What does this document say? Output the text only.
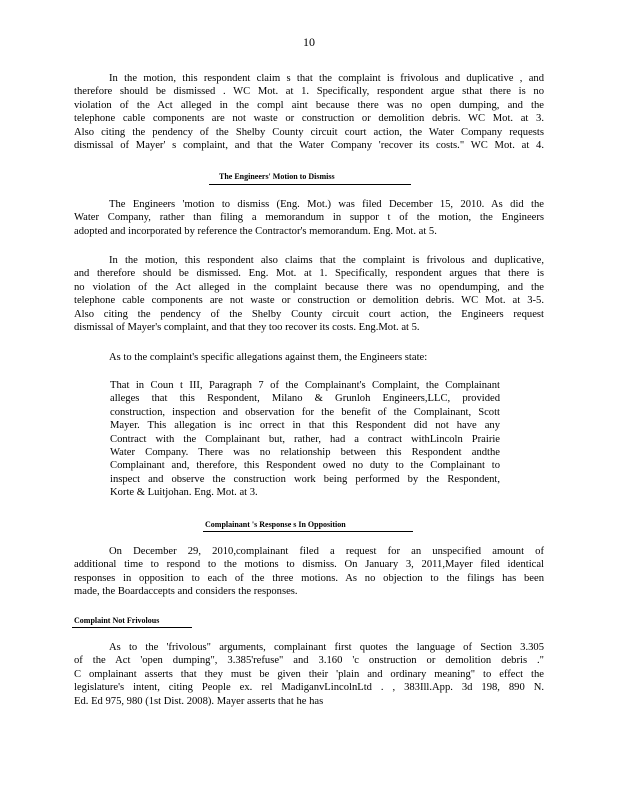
10
In the motion, this respondent claim s that the complaint is frivolous and duplicative , and
therefore should be dismissed . WC Mot. at 1. Specifically, respondent argue sthat there is no
violation of the Act alleged in the compl aint because there was no open dumping, and the
telephone cable components are not waste or construction or demolition debris. WC Mot. at 3.
Also citing the pendency of the Shelby County circuit court action, the Water Company requests
dismissal of Mayer' s complaint, and that the Water Company 'recover its costs." WC Mot. at 4.
The Engineers' Motion to Dismiss
The Engineers 'motion to dismiss (Eng. Mot.) was filed December 15, 2010. As did the
Water Company, rather than filing a memorandum in suppor t of the motion, the Engineers
adopted and incorporated by reference the Contractor's memorandum. Eng. Mot. at 5.
In the motion, this respondent also claims that the complaint is frivolous and duplicative,
and therefore should be dismissed. Eng. Mot. at 1. Specifically, respondent argues that there is
no violation of the Act alleged in the complaint because there was no opendumping, and the
telephone cable components are not waste or construction or demolition debris. WC Mot. at 3-5.
Also citing the pendency of the Shelby County circuit court action, the Engineers request
dismissal of Mayer's complaint, and that they too recover its costs. Eng.Mot. at 5.
As to the complaint's specific allegations against them, the Engineers state:
That in Coun t III, Paragraph 7 of the Complainant's Complaint, the Complainant
alleges that this Respondent, Milano & Grunloh Engineers,LLC, provided
construction, inspection and observation for the benefit of the Complainant, Scott
Mayer. This allegation is inc orrect in that this Respondent did not have any
Contract with the Complainant but, rather, had a contract withLincoln Prairie
Water Company. There was no relationship between this Respondent andthe
Complainant and, therefore, this Respondent owed no duty to the Complainant to
inspect and observe the construction work being performed by the Respondent,
Korte & Luitjohan. Eng. Mot. at 3.
Complainant 's Response s In Opposition
On December 29, 2010,complainant filed a request for an unspecified amount of
additional time to respond to the motions to dismiss. On January 3, 2011,Mayer filed identical
responses in opposition to each of the three motions. As no objection to the filings has been
made, the Boardaccepts and considers the responses.
Complaint Not Frivolous
As to the 'frivolous" arguments, complainant first quotes the language of Section 3.305
of the Act 'open dumping", 3.385'refuse" and 3.160 'c onstruction or demolition debris ."
C omplainant asserts that they must be given their 'plain and ordinary meaning" to effect the
legislature's intent, citing People ex. rel MadiganvLincolnLtd . , 383Ill.App. 3d 198, 890 N.
Ed. Ed 975, 980 (1st Dist. 2008). Mayer asserts that he has
